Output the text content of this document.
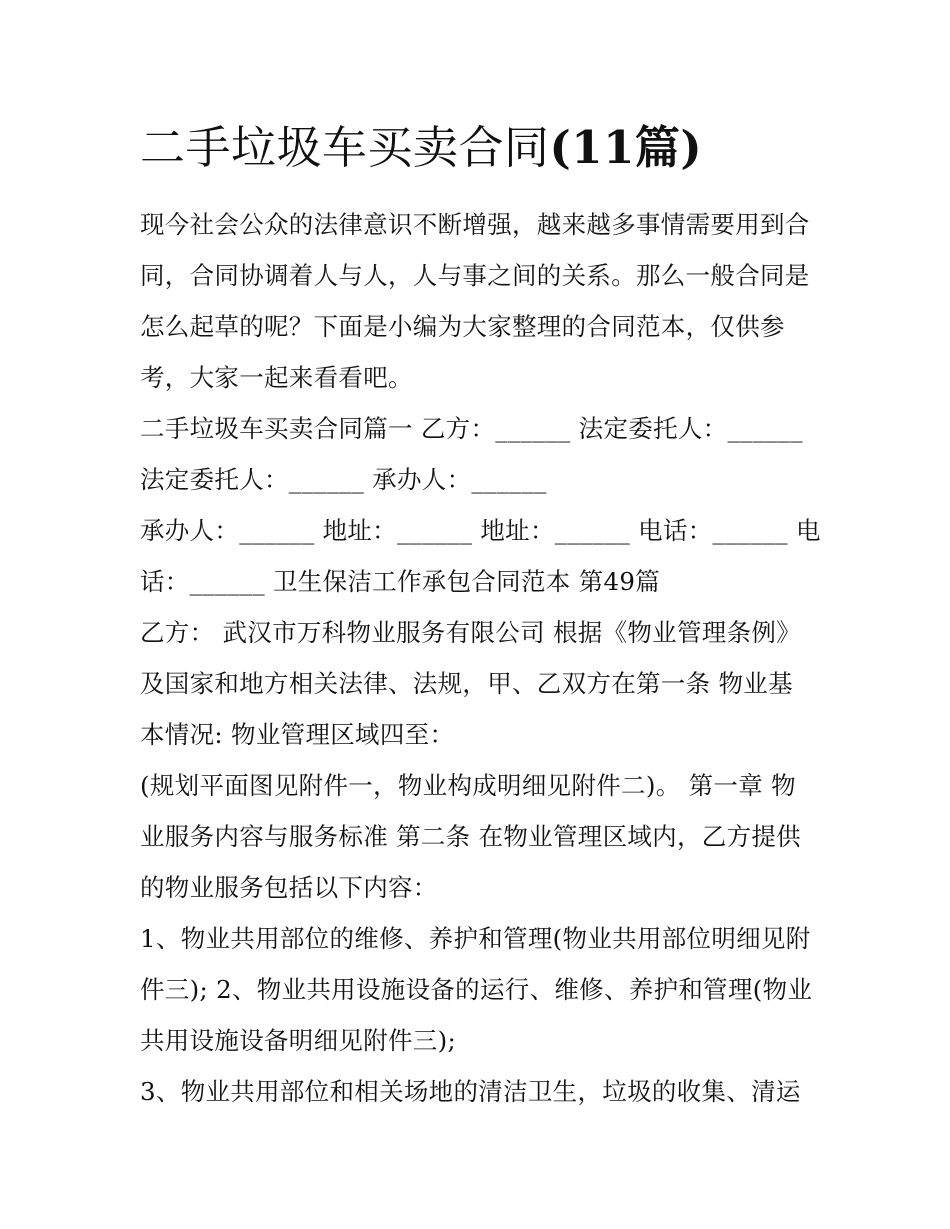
二手垃圾车买卖合同(11篇)
现今社会公众的法律意识不断增强，越来越多事情需要用到合
同，合同协调着人与人，人与事之间的关系。那么一般合同是
怎么起草的呢？下面是小编为大家整理的合同范本，仅供参
考，大家一起来看看吧。
二手垃圾车买卖合同篇一 乙方：______ 法定委托人：______
法定委托人：______ 承办人：______
承办人：______ 地址：______ 地址：______ 电话：______ 电
话：______ 卫生保洁工作承包合同范本 第49篇
乙方： 武汉市万科物业服务有限公司 根据《物业管理条例》
及国家和地方相关法律、法规，甲、乙双方在第一条 物业基
本情况: 物业管理区域四至：
(规划平面图见附件一，物业构成明细见附件二)。 第一章 物
业服务内容与服务标准 第二条 在物业管理区域内，乙方提供
的物业服务包括以下内容：
1、物业共用部位的维修、养护和管理(物业共用部位明细见附
件三); 2、物业共用设施设备的运行、维修、养护和管理(物业
共用设施设备明细见附件三);
3、物业共用部位和相关场地的清洁卫生，垃圾的收集、清运
